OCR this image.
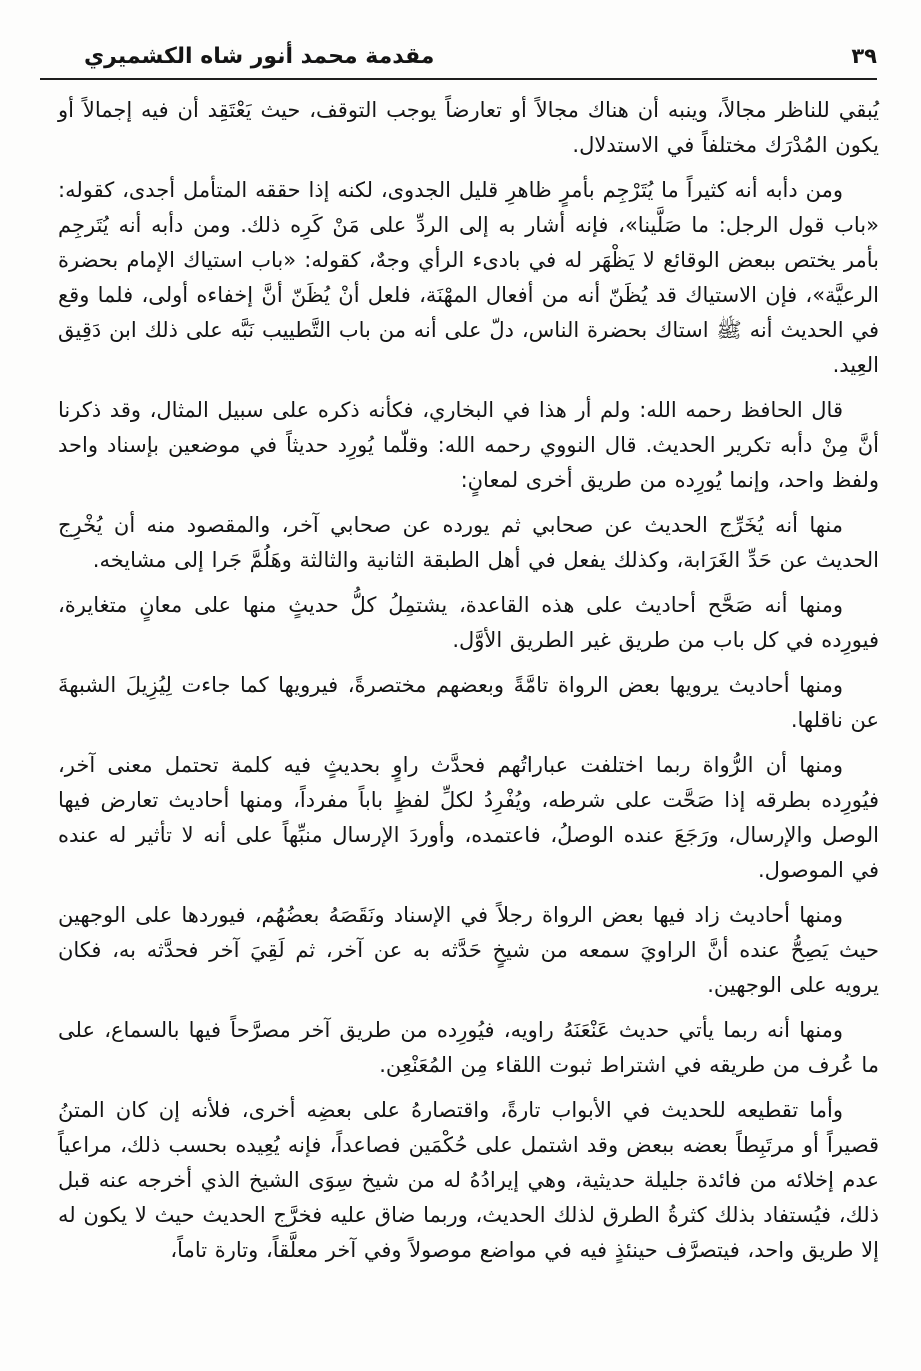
٣٩
مقدمة محمد أنور شاه الكشميري

يُبقي للناظر مجالاً، وينبه أن هناك مجالاً أو تعارضاً يوجب التوقف، حيث يَعْتَقِد أن فيه إجمالاً أو يكون المُدْرَك مختلفاً في الاستدلال.

ومن دأبه أنه كثيراً ما يُتَرْجِم بأمرٍ ظاهرِ قليل الجدوى، لكنه إذا حققه المتأمل أجدى، كقوله: «باب قول الرجل: ما صَلَّينا»، فإنه أشار به إلى الردِّ على مَنْ كَرِه ذلك. ومن دأبه أنه يُتَرجِم بأمر يختص ببعض الوقائع لا يَظْهَر له في بادىء الرأي وجهٌ، كقوله: «باب استياك الإمام بحضرة الرعيَّة»، فإن الاستياك قد يُظَنّ أنه من أفعال المهْنَة، فلعل أنْ يُظَنّ أنَّ إخفاءه أولى، فلما وقع في الحديث أنه ﷺ استاك بحضرة الناس، دلّ على أنه من باب التَّطييب نَبَّه على ذلك ابن دَقِيق العِيد.

قال الحافظ رحمه الله: ولم أر هذا في البخاري، فكأنه ذكره على سبيل المثال، وقد ذكرنا أنَّ مِنْ دأبه تكرير الحديث. قال النووي رحمه الله: وقلّما يُورِد حديثاً في موضعين بإسناد واحد ولفظ واحد، وإنما يُورِده من طريق أخرى لمعانٍ:

منها أنه يُخَرِّج الحديث عن صحابي ثم يورده عن صحابي آخر، والمقصود منه أن يُخْرِج الحديث عن حَدِّ الغَرَابة، وكذلك يفعل في أهل الطبقة الثانية والثالثة وهَلُمَّ جَرا إلى مشايخه.

ومنها أنه صَحَّح أحاديث على هذه القاعدة، يشتمِلُ كلُّ حديثٍ منها على معانٍ متغايرة، فيورِده في كل باب من طريق غير الطريق الأوَّل.

ومنها أحاديث يرويها بعض الرواة تامَّةً وبعضهم مختصرةً، فيرويها كما جاءت لِيُزِيلَ الشبهةَ عن ناقلها.

ومنها أن الرُّواة ربما اختلفت عباراتُهم فحدَّث راوٍ بحديثٍ فيه كلمة تحتمل معنى آخر، فيُورِده بطرقه إذا صَحَّت على شرطه، ويُفْرِدُ لكلِّ لفظٍ باباً مفرداً، ومنها أحاديث تعارض فيها الوصل والإرسال، ورَجَعَ عنده الوصلُ، فاعتمده، وأوردَ الإرسال منبِّهاً على أنه لا تأثير له عنده في الموصول.

ومنها أحاديث زاد فيها بعض الرواة رجلاً في الإسناد ونَقَصَهُ بعضُهُم، فيوردها على الوجهين حيث يَصِحُّ عنده أنَّ الراويَ سمعه من شيخٍ حَدَّثه به عن آخر، ثم لَقِيَ آخر فحدَّثه به، فكان يرويه على الوجهين.

ومنها أنه ربما يأتي حديث عَنْعَنَهُ راويه، فيُورِده من طريق آخر مصرَّحاً فيها بالسماع، على ما عُرف من طريقه في اشتراط ثبوت اللقاء مِن المُعَنْعِن.

وأما تقطيعه للحديث في الأبواب تارةً، واقتصارهُ على بعضِه أخرى، فلأنه إن كان المتنُ قصيراً أو مرتَبِطاً بعضه ببعض وقد اشتمل على حُكْمَين فصاعداً، فإنه يُعِيده بحسب ذلك، مراعياً عدم إخلائه من فائدة جليلة حديثية، وهي إيرادُهُ له من شيخ سِوَى الشيخ الذي أخرجه عنه قبل ذلك، فيُستفاد بذلك كثرةُ الطرق لذلك الحديث، وربما ضاق عليه فخرَّج الحديث حيث لا يكون له إلا طريق واحد، فيتصرَّف حينئذٍ فيه في مواضع موصولاً وفي آخر معلَّقاً، وتارة تاماً،
